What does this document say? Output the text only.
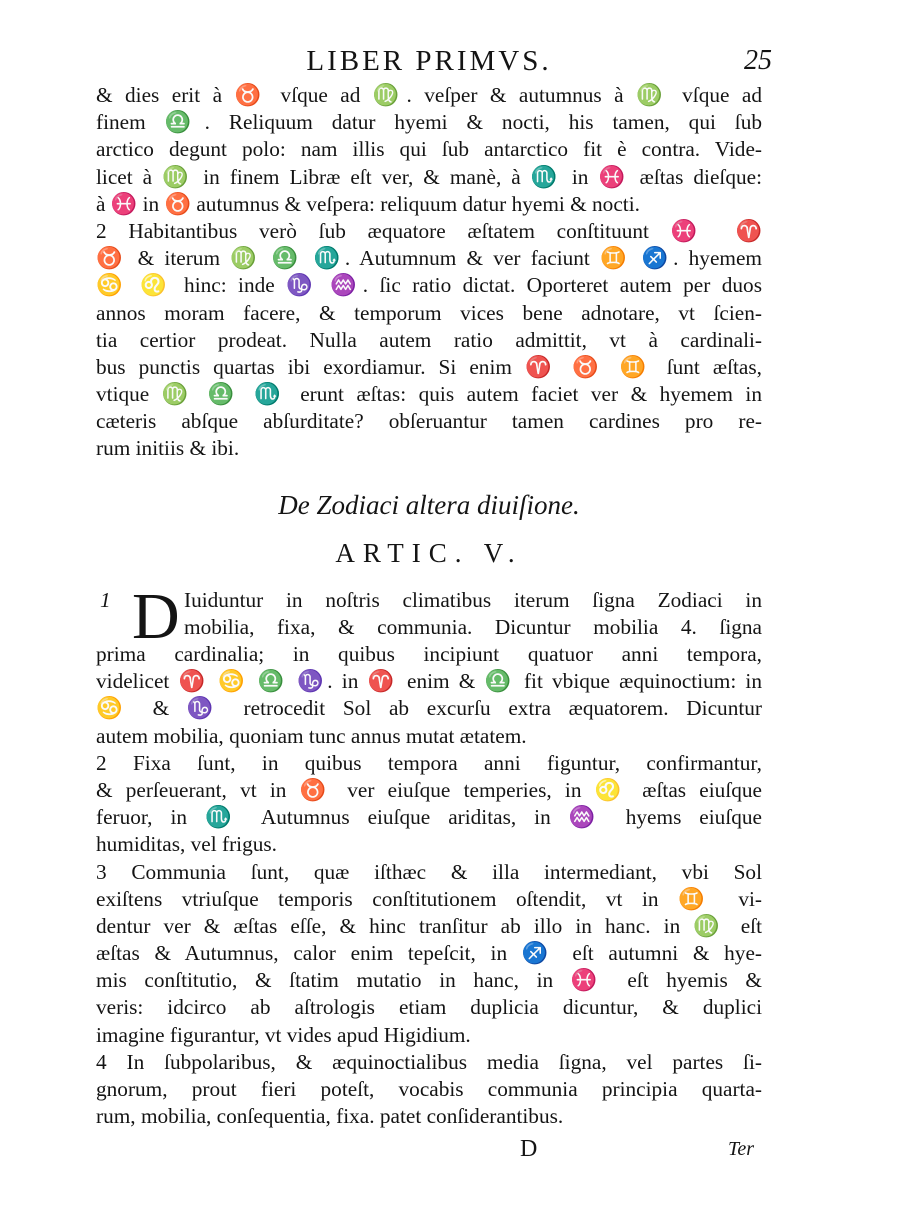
LIBER PRIMVS.	25
& dies erit à ♉ vſque ad ♍. veſper & autumnus à ♍ vſque ad
finem ♎. Reliquum datur hyemi & nocti, his tamen, qui ſub
arctico degunt polo: nam illis qui ſub antarctico fit è contra. Vide-
licet à ♍ in finem Libræ eſt ver, & manè, à ♏ in ♓ æſtas dieſque:
à ♓ in ♉ autumnus & veſpera: reliquum datur hyemi & nocti.
2 Habitantibus verò ſub æquatore æſtatem conſtituunt ♓ ♈
♉ & iterum ♍ ♎ ♏. Autumnum & ver faciunt ♊ ♐. hyemem
♋ ♌ hinc: inde ♑ ♒. ſic ratio dictat. Oporteret autem per duos
annos moram facere, & temporum vices bene adnotare, vt ſcien-
tia certior prodeat. Nulla autem ratio admittit, vt à cardinali-
bus punctis quartas ibi exordiamur. Si enim ♈ ♉ ♊ ſunt æſtas,
vtique ♍ ♎ ♏ erunt æſtas: quis autem faciet ver & hyemem in
cæteris abſque abſurditate? obſeruantur tamen cardines pro re-
rum initiis & ibi.
De Zodiaci altera diuiſione.
ARTIC. V.
1 D Iuiduntur in noſtris climatibus iterum ſigna Zodiaci in
mobilia, fixa, & communia. Dicuntur mobilia 4. ſigna
prima cardinalia; in quibus incipiunt quatuor anni tempora,
videlicet ♈ ♋ ♎ ♑. in ♈ enim & ♎ fit vbique æquinoctium: in
♋ & ♑ retrocedit Sol ab excurſu extra æquatorem. Dicuntur
autem mobilia, quoniam tunc annus mutat ætatem.
2 Fixa ſunt, in quibus tempora anni figuntur, confirmantur,
& perſeuerant, vt in ♉ ver eiuſque temperies, in ♌ æſtas eiuſque
feruor, in ♏ Autumnus eiuſque ariditas, in ♒ hyems eiuſque
humiditas, vel frigus.
3 Communia ſunt, quæ iſthæc & illa intermediant, vbi Sol
exiſtens vtriuſque temporis conſtitutionem oſtendit, vt in ♊ vi-
dentur ver & æſtas eſſe, & hinc tranſitur ab illo in hanc. in ♍ eſt
æſtas & Autumnus, calor enim tepeſcit, in ♐ eſt autumni & hye-
mis conſtitutio, & ſtatim mutatio in hanc, in ♓ eſt hyemis &
veris: idcirco ab aſtrologis etiam duplicia dicuntur, & duplici
imagine figurantur, vt vides apud Higidium.
4 In ſubpolaribus, & æquinoctialibus media ſigna, vel partes ſi-
gnorum, prout fieri poteſt, vocabis communia principia quarta-
rum, mobilia, conſequentia, fixa. patet conſiderantibus.
D	Ter
